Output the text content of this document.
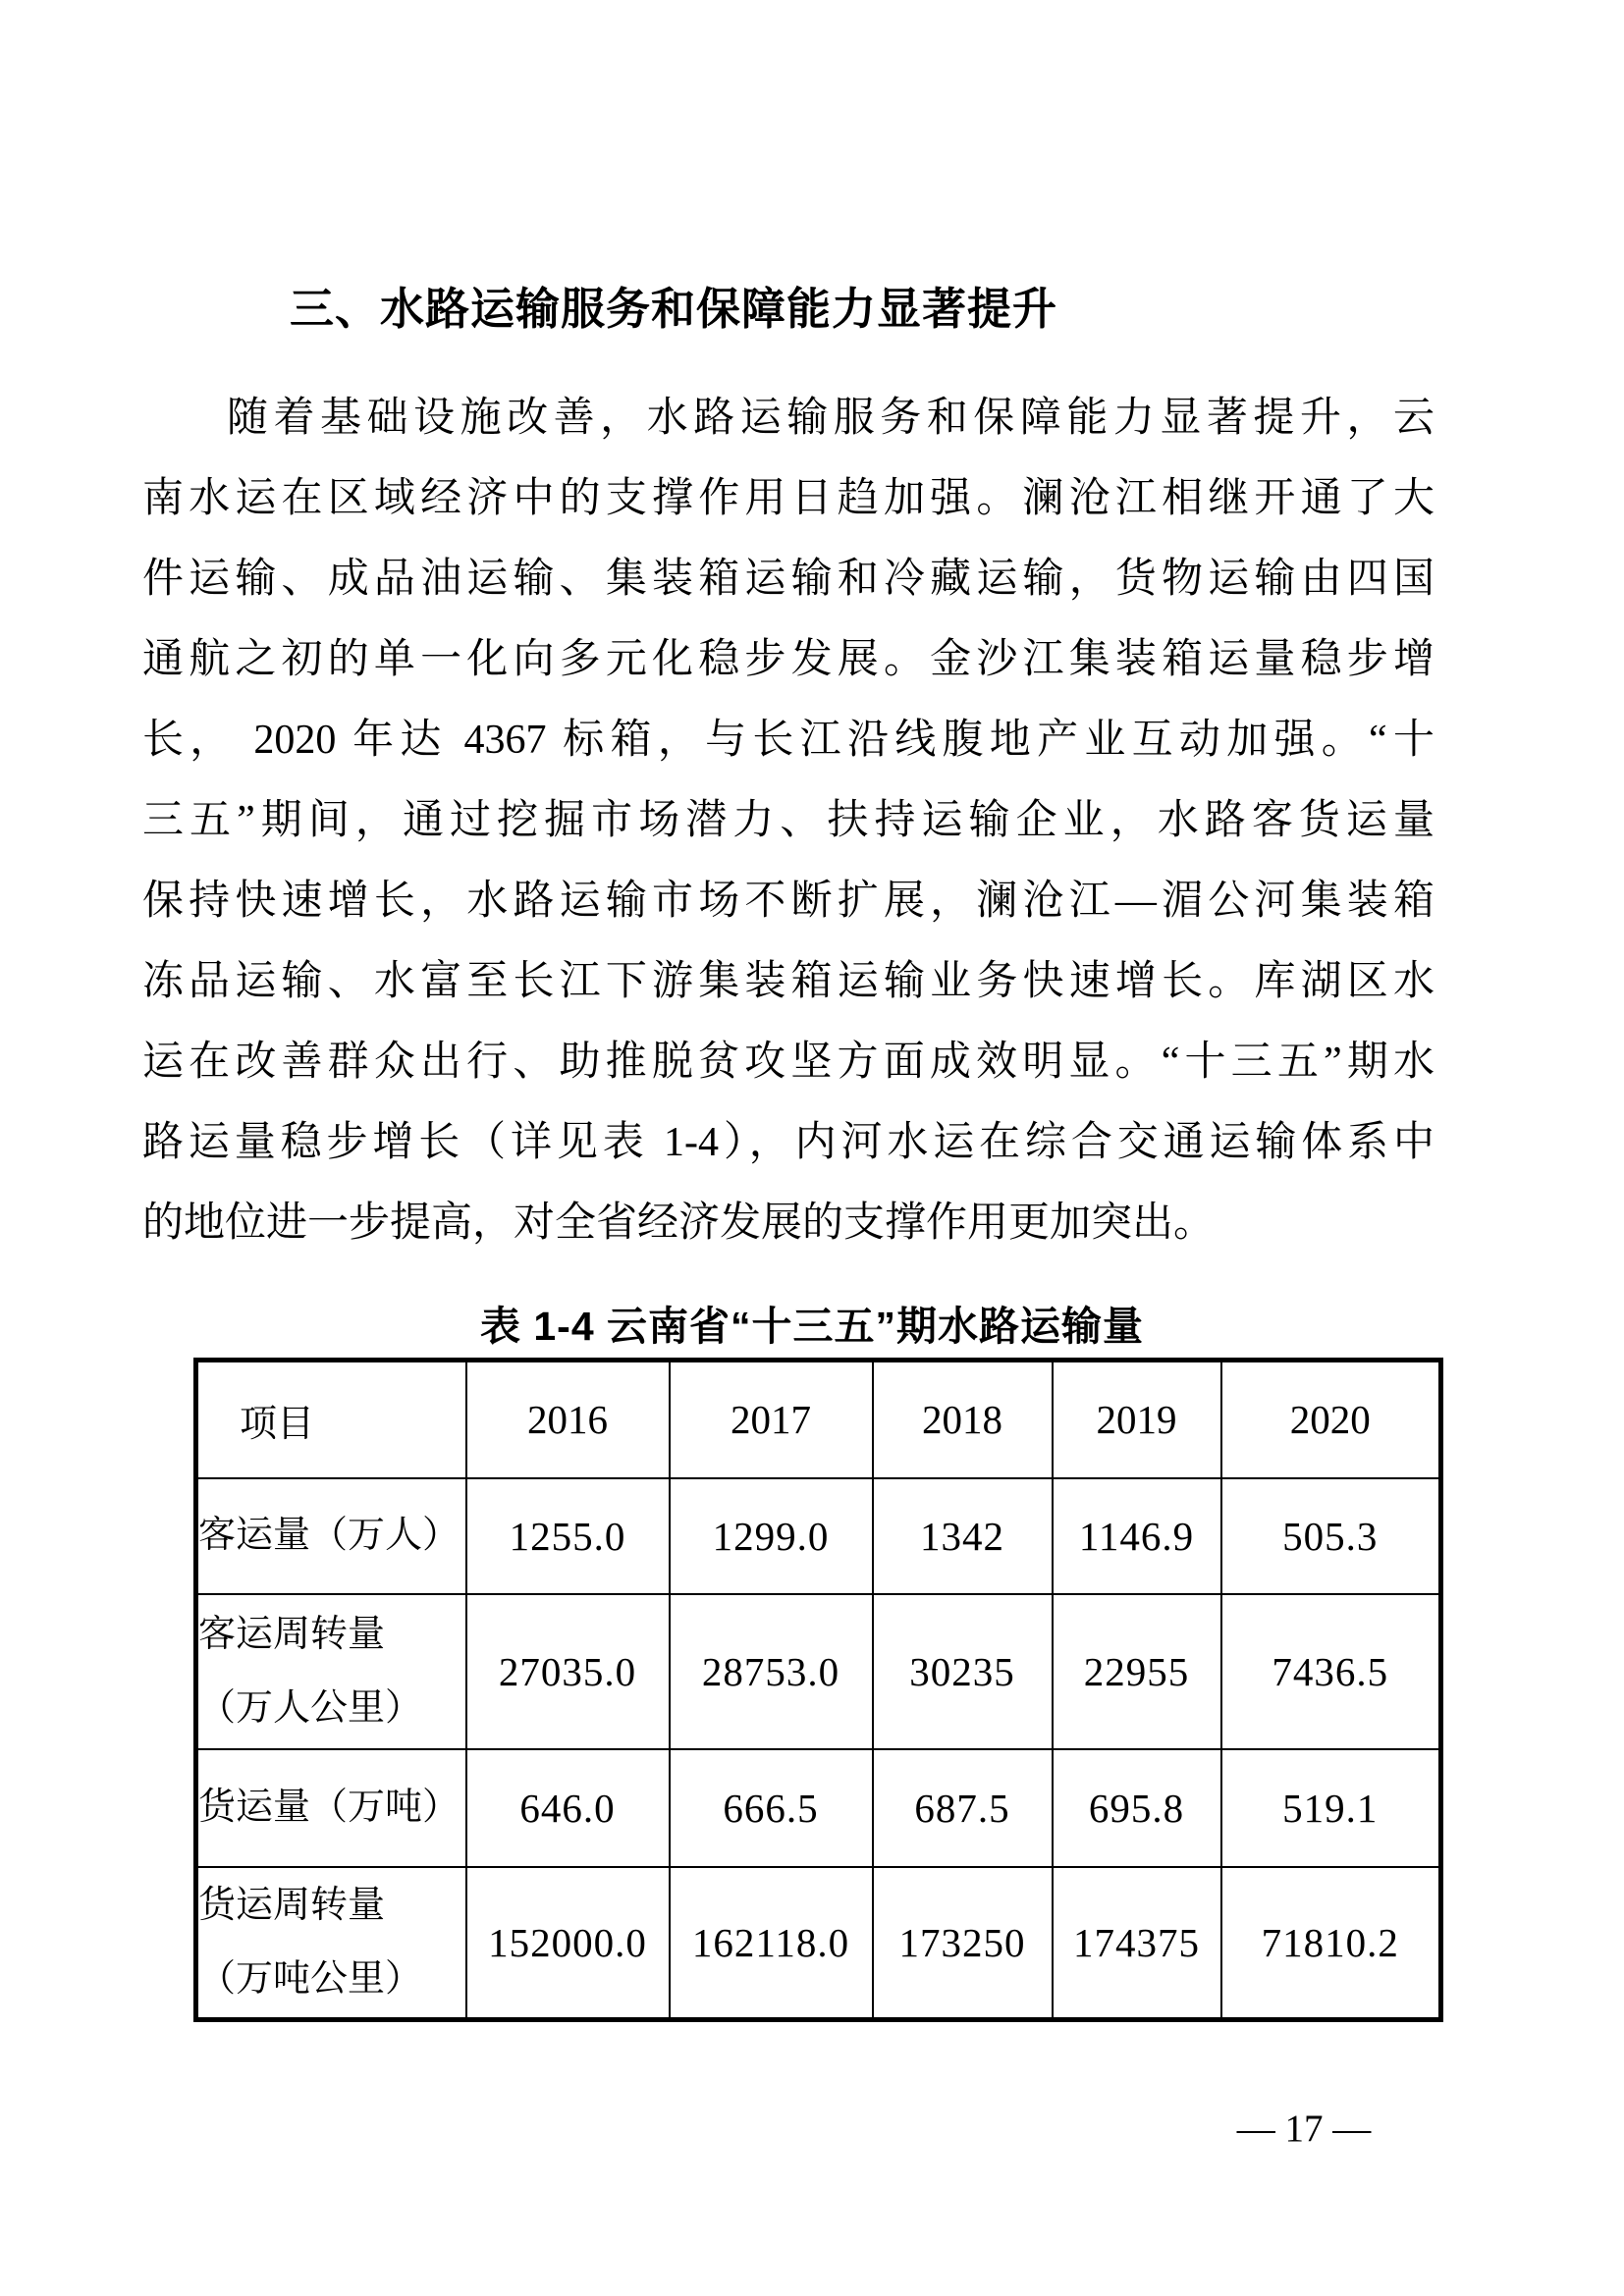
三、水路运输服务和保障能力显著提升
随着基础设施改善，水路运输服务和保障能力显著提升，云
南水运在区域经济中的支撑作用日趋加强。澜沧江相继开通了大
件运输、成品油运输、集装箱运输和冷藏运输，货物运输由四国
通航之初的单一化向多元化稳步发展。金沙江集装箱运量稳步增
长， 2020 年达 4367 标箱，与长江沿线腹地产业互动加强。“十
三五”期间，通过挖掘市场潜力、扶持运输企业，水路客货运量
保持快速增长，水路运输市场不断扩展，澜沧江—湄公河集装箱
冻品运输、水富至长江下游集装箱运输业务快速增长。库湖区水
运在改善群众出行、助推脱贫攻坚方面成效明显。“十三五”期水
路运量稳步增长（详见表 1-4），内河水运在综合交通运输体系中
的地位进一步提高，对全省经济发展的支撑作用更加突出。
表 1-4 云南省“十三五”期水路运输量
项目	2016	2017	2018	2019	2020

客运量（万人）	1255.0	1299.0	1342	1146.9	505.3

客运周转量
（万人公里）	27035.0	28753.0	30235	22955	7436.5

货运量（万吨）	646.0	666.5	687.5	695.8	519.1

货运周转量
（万吨公里）	152000.0	162118.0	173250	174375	71810.2
— 17 —
